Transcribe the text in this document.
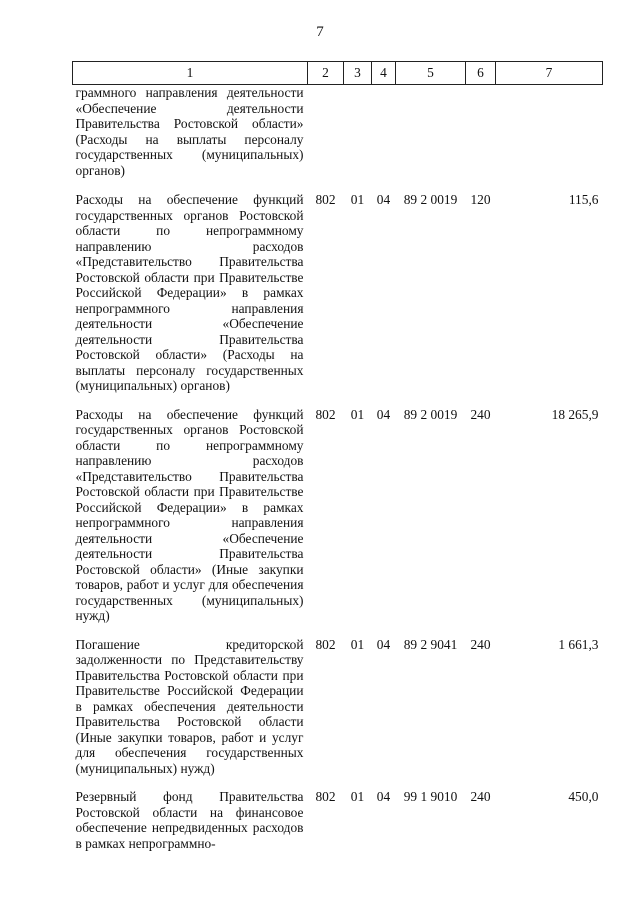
7
1	2	3	4	5	6	7
граммного направления деятельности «Обеспечение деятельности Правительства Ростовской области» (Расходы на выплаты персоналу государственных (муниципальных) органов)						
Расходы на обеспечение функций государственных органов Ростовской области по непрограммному направлению расходов «Представительство Правительства Ростовской области при Правительстве Российской Федерации» в рамках непрограммного направления деятельности «Обеспечение деятельности Правительства Ростовской области» (Расходы на выплаты персоналу государственных (муниципальных) органов)	802	01	04	89 2 0019	120	115,6
Расходы на обеспечение функций государственных органов Ростовской области по непрограммному направлению расходов «Представительство Правительства Ростовской области при Правительстве Российской Федерации» в рамках непрограммного направления деятельности «Обеспечение деятельности Правительства Ростовской области» (Иные закупки товаров, работ и услуг для обеспечения государственных (муниципальных) нужд)	802	01	04	89 2 0019	240	18 265,9
Погашение кредиторской задолженности по Представительству Правительства Ростовской области при Правительстве Российской Федерации в рамках обеспечения деятельности Правительства Ростовской области (Иные закупки товаров, работ и услуг для обеспечения государственных (муниципальных) нужд)	802	01	04	89 2 9041	240	1 661,3
Резервный фонд Правительства Ростовской области на финансовое обеспечение непредвиденных расходов в рамках непрограммно-	802	01	04	99 1 9010	240	450,0
